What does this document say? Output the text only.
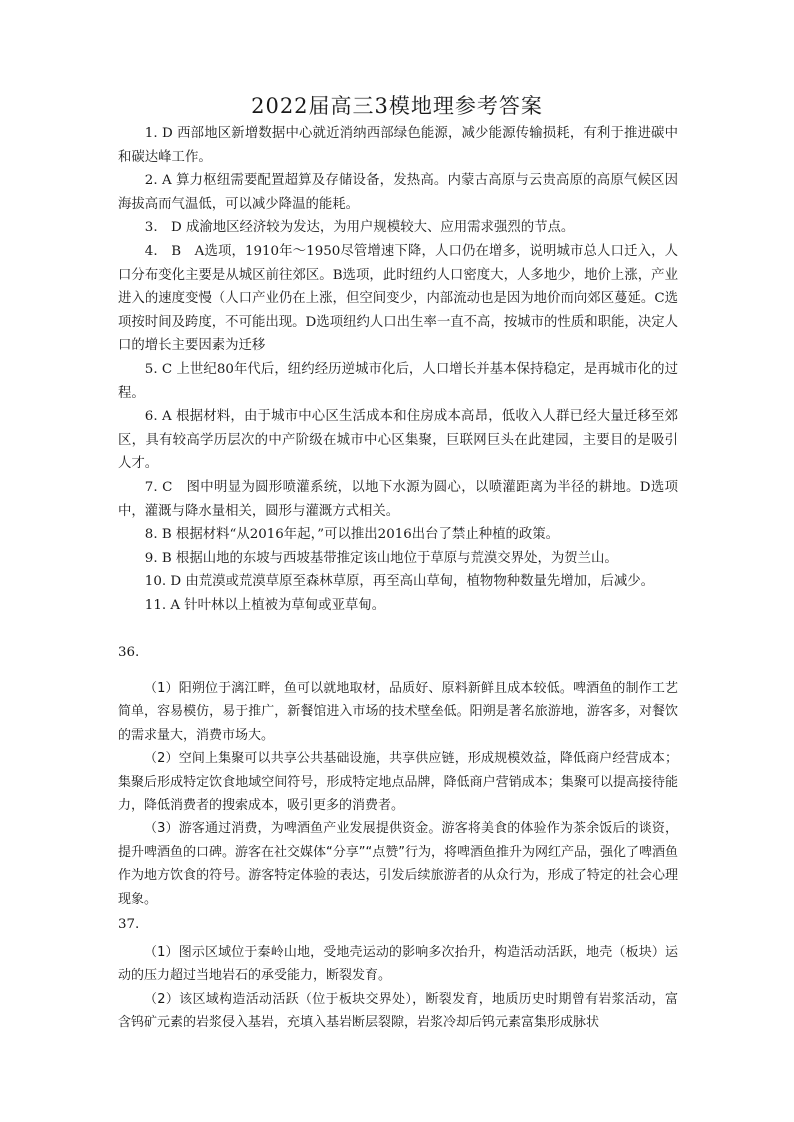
2022届高三3模地理参考答案

1. D 西部地区新增数据中心就近消纳西部绿色能源，减少能源传输损耗，有利于推进碳中和碳达峰工作。

2. A 算力枢纽需要配置超算及存储设备，发热高。内蒙古高原与云贵高原的高原气候区因海拔高而气温低，可以减少降温的能耗。

3.　D 成渝地区经济较为发达，为用户规模较大、应用需求强烈的节点。

4.　B　A选项，1910年～1950尽管增速下降，人口仍在增多，说明城市总人口迁入，人口分布变化主要是从城区前往郊区。B选项，此时纽约人口密度大，人多地少，地价上涨，产业进入的速度变慢（人口产业仍在上涨，但空间变少，内部流动也是因为地价而向郊区蔓延。C选项按时间及跨度，不可能出现。D选项纽约人口出生率一直不高，按城市的性质和职能，决定人口的增长主要因素为迁移

5. C 上世纪80年代后，纽约经历逆城市化后，人口增长并基本保持稳定，是再城市化的过程。

6. A 根据材料，由于城市中心区生活成本和住房成本高昂，低收入人群已经大量迁移至郊区，具有较高学历层次的中产阶级在城市中心区集聚，巨联网巨头在此建园，主要目的是吸引人才。

7. C　图中明显为圆形喷灌系统，以地下水源为圆心，以喷灌距离为半径的耕地。D选项中，灌溉与降水量相关，圆形与灌溉方式相关。

8. B 根据材料“从2016年起，”可以推出2016出台了禁止种植的政策。

9. B 根据山地的东坡与西坡基带推定该山地位于草原与荒漠交界处，为贺兰山。

10. D 由荒漠或荒漠草原至森林草原，再至高山草甸，植物物种数量先增加，后减少。

11. A 针叶林以上植被为草甸或亚草甸。

36.

（1）阳朔位于漓江畔，鱼可以就地取材，品质好、原料新鲜且成本较低。啤酒鱼的制作工艺简单，容易模仿，易于推广，新餐馆进入市场的技术壁垒低。阳朔是著名旅游地，游客多，对餐饮的需求量大，消费市场大。

（2）空间上集聚可以共享公共基础设施，共享供应链，形成规模效益，降低商户经营成本；集聚后形成特定饮食地域空间符号，形成特定地点品牌，降低商户营销成本；集聚可以提高接待能力，降低消费者的搜索成本，吸引更多的消费者。

（3）游客通过消费，为啤酒鱼产业发展提供资金。游客将美食的体验作为茶余饭后的谈资，提升啤酒鱼的口碑。游客在社交媒体“分享”“点赞”行为，将啤酒鱼推升为网红产品，强化了啤酒鱼作为地方饮食的符号。游客特定体验的表达，引发后续旅游者的从众行为，形成了特定的社会心理现象。

37.

（1）图示区域位于秦岭山地，受地壳运动的影响多次抬升，构造活动活跃，地壳（板块）运动的压力超过当地岩石的承受能力，断裂发育。

（2）该区域构造活动活跃（位于板块交界处），断裂发育，地质历史时期曾有岩浆活动，富含钨矿元素的岩浆侵入基岩，充填入基岩断层裂隙，岩浆冷却后钨元素富集形成脉状
